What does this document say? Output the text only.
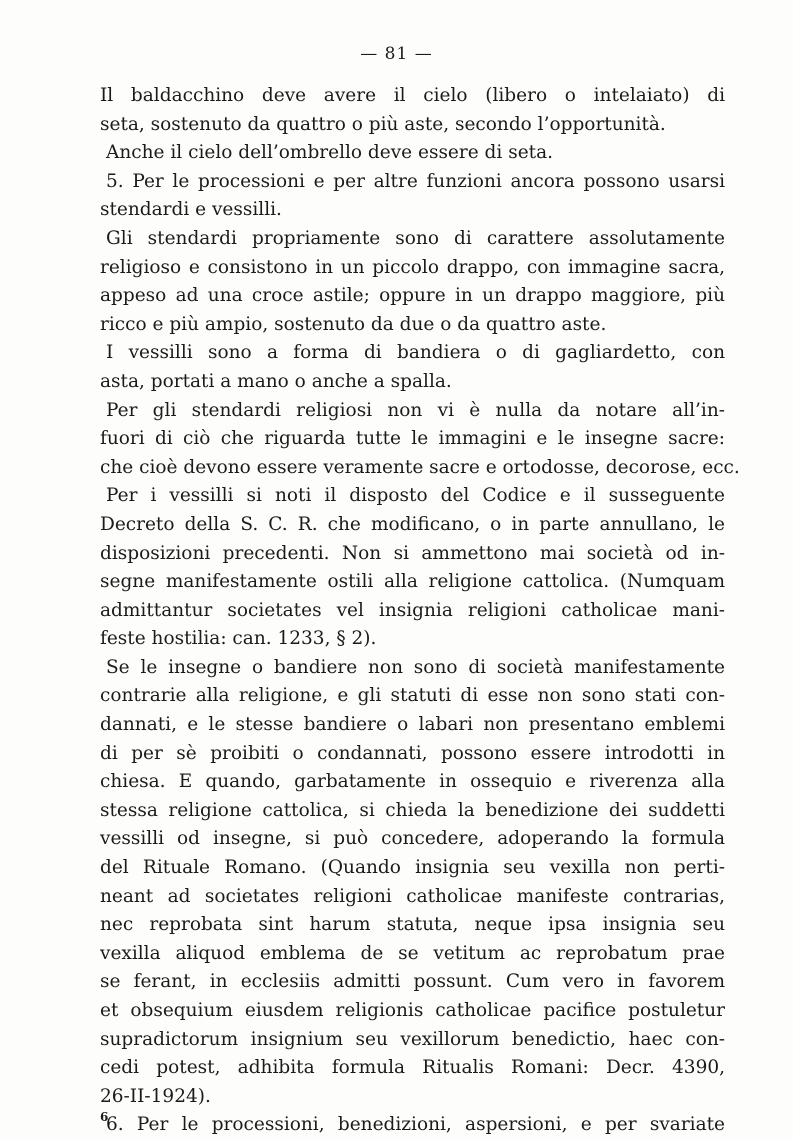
— 81 —
Il baldacchino deve avere il cielo (libero o intelaiato) di
seta, sostenuto da quattro o più aste, secondo l’opportunità.
Anche il cielo dell’ombrello deve essere di seta.
5. Per le processioni e per altre funzioni ancora possono usarsi
stendardi e vessilli.
Gli stendardi propriamente sono di carattere assolutamente
religioso e consistono in un piccolo drappo, con immagine sacra,
appeso ad una croce astile; oppure in un drappo maggiore, più
ricco e più ampio, sostenuto da due o da quattro aste.
I vessilli sono a forma di bandiera o di gagliardetto, con
asta, portati a mano o anche a spalla.
Per gli stendardi religiosi non vi è nulla da notare all’in-
fuori di ciò che riguarda tutte le immagini e le insegne sacre:
che cioè devono essere veramente sacre e ortodosse, decorose, ecc.
Per i vessilli si noti il disposto del Codice e il susseguente
Decreto della S. C. R. che modificano, o in parte annullano, le
disposizioni precedenti. Non si ammettono mai società od in-
segne manifestamente ostili alla religione cattolica. (Numquam
admittantur societates vel insignia religioni catholicae mani-
feste hostilia: can. 1233, § 2).
Se le insegne o bandiere non sono di società manifestamente
contrarie alla religione, e gli statuti di esse non sono stati con-
dannati, e le stesse bandiere o labari non presentano emblemi
di per sè proibiti o condannati, possono essere introdotti in
chiesa. E quando, garbatamente in ossequio e riverenza alla
stessa religione cattolica, si chieda la benedizione dei suddetti
vessilli od insegne, si può concedere, adoperando la formula
del Rituale Romano. (Quando insignia seu vexilla non perti-
neant ad societates religioni catholicae manifeste contrarias,
nec reprobata sint harum statuta, neque ipsa insignia seu
vexilla aliquod emblema de se vetitum ac reprobatum prae
se ferant, in ecclesiis admitti possunt. Cum vero in favorem
et obsequium eiusdem religionis catholicae pacifice postuletur
supradictorum insignium seu vexillorum benedictio, haec con-
cedi potest, adhibita formula Ritualis Romani: Decr. 4390,
26-II-1924).
6. Per le processioni, benedizioni, aspersioni, e per svariate
6
